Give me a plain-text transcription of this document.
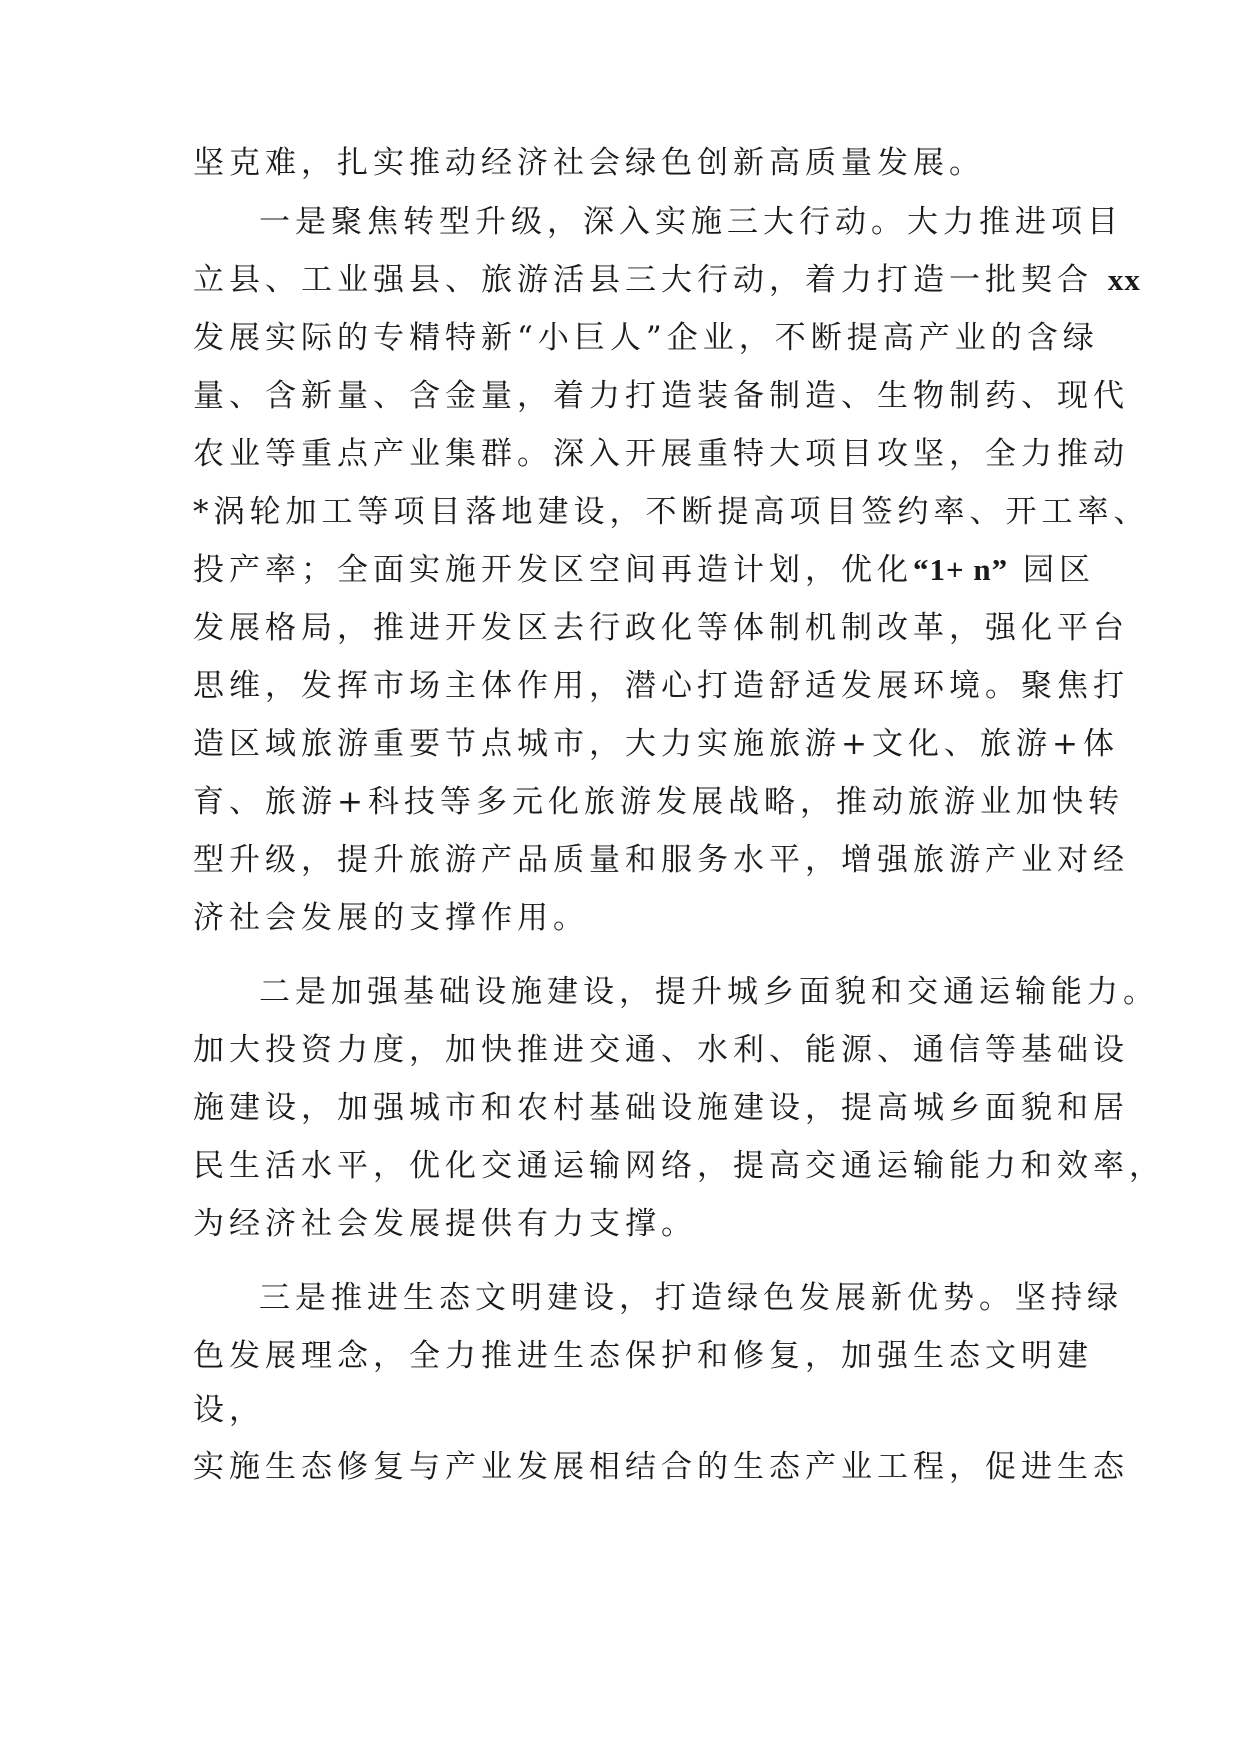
坚克难，扎实推动经济社会绿色创新高质量发展。

一是聚焦转型升级，深入实施三大行动。大力推进项目

立县、工业强县、旅游活县三大行动，着力打造一批契合 xx

发展实际的专精特新“小巨人”企业，不断提高产业的含绿

量、含新量、含金量，着力打造装备制造、生物制药、现代

农业等重点产业集群。深入开展重特大项目攻坚，全力推动

*涡轮加工等项目落地建设，不断提高项目签约率、开工率、

投产率；全面实施开发区空间再造计划，优化“1+ n” 园区

发展格局，推进开发区去行政化等体制机制改革，强化平台

思维，发挥市场主体作用，潜心打造舒适发展环境。聚焦打

造区域旅游重要节点城市，大力实施旅游+文化、旅游+体

育、旅游+科技等多元化旅游发展战略，推动旅游业加快转

型升级，提升旅游产品质量和服务水平，增强旅游产业对经

济社会发展的支撑作用。

二是加强基础设施建设，提升城乡面貌和交通运输能力。

加大投资力度，加快推进交通、水利、能源、通信等基础设

施建设，加强城市和农村基础设施建设，提高城乡面貌和居

民生活水平，优化交通运输网络，提高交通运输能力和效率，

为经济社会发展提供有力支撑。

三是推进生态文明建设，打造绿色发展新优势。坚持绿

色发展理念，全力推进生态保护和修复，加强生态文明建

设，

实施生态修复与产业发展相结合的生态产业工程，促进生态
